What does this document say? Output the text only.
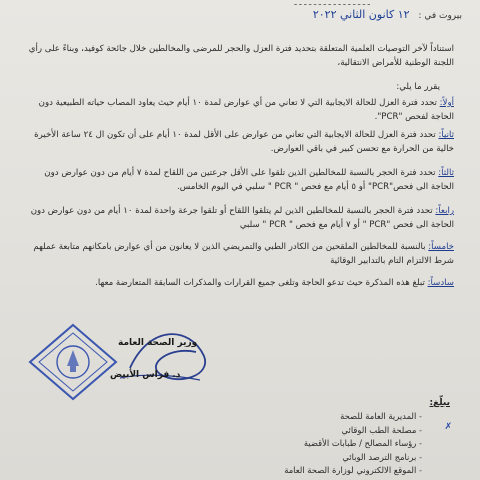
ـ ـ ـ ـ ـ ـ ـ ـ ـ ـ ـ ـ ـ ـ ـ ـ
بيروت في : ١٢ كانون الثاني ٢٠٢٢
استناداً لآخر التوصيات العلمية المتعلقة بتحديد فترة العزل والحجر للمرضى والمخالطين خلال جائحة كوفيد، وبناءً على رأي اللجنة الوطنية للأمراض الانتقالية،
يقرر ما يلي:
أولاً: تحدد فترة العزل للحالة الايجابية التي لا تعاني من أي عوارض لمدة ١٠ أيام حيث يعاود المصاب حياته الطبيعية دون الحاجة لفحص "PCR".
ثانياً: تحدد فترة العزل للحالة الايجابية التي تعاني من عوارض على الأقل لمدة ١٠ أيام على أن تكون ال ٢٤ ساعة الأخيرة خالية من الحرارة مع تحسن كبير في باقي العوارض.
ثالثاً: تحدد فترة الحجر بالنسبة للمخالطين الذين تلقوا على الأقل جرعتين من اللقاح لمدة ٧ أيام من دون عوارض دون الحاجة الى فحص"PCR" أو ٥ أيام مع فحص " PCR " سلبي في اليوم الخامس.
رابعاً: تحدد فترة الحجر بالنسبة للمخالطين الذين لم يتلقوا اللقاح أو تلقوا جرعة واحدة لمدة ١٠ أيام من دون عوارض دون الحاجة الى فحص "PCR " أو ٧ أيام مع فحص " PCR " سلبي
خامساً: بالنسبة للمخالطين الملقحين من الكادر الطبي والتمريضي الذين لا يعانون من أي عوارض بامكانهم متابعة عملهم شرط الالتزام التام بالتدابير الوقائية
سادساً: تبلغ هذه المذكرة حيث تدعو الحاجة وتلغى جميع القرارات والمذكرات السابقة المتعارضة معها.
وزير الصحة العامة
د. فراس الأبيض
يبلّغ:
✗
- المديرية العامة للصحة
- مصلحة الطب الوقائي
- رؤساء المصالح / طبابات الأقضية
- برنامج الترصد الوبائي
- الموقع الالكتروني لوزارة الصحة العامة
